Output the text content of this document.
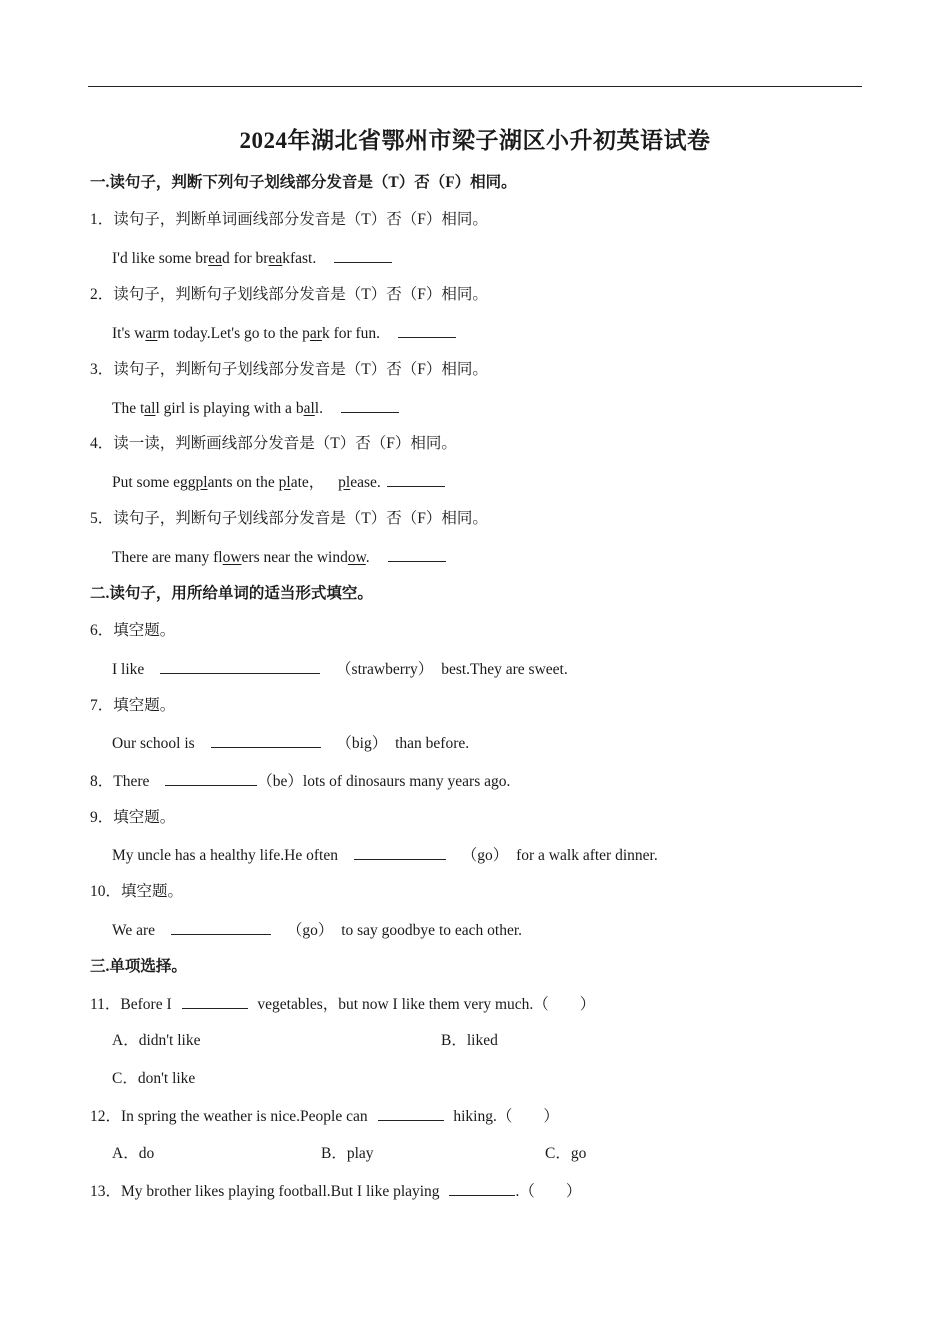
2024年湖北省鄂州市梁子湖区小升初英语试卷
一.读句子，判断下列句子划线部分发音是（T）否（F）相同。
1．读句子，判断单词画线部分发音是（T）否（F）相同。
I'd like some bread for breakfast.
2．读句子，判断句子划线部分发音是（T）否（F）相同。
It's warm today.Let's go to the park for fun.
3．读句子，判断句子划线部分发音是（T）否（F）相同。
The tall girl is playing with a ball.
4．读一读，判断画线部分发音是（T）否（F）相同。
Put some eggplants on the plate， please.
5．读句子，判断句子划线部分发音是（T）否（F）相同。
There are many flowers near the window.
二.读句子，用所给单词的适当形式填空。
6．填空题。
I like	（strawberry） best.They are sweet.
7．填空题。
Our school is	（big） than before.
8．There	（be）lots of dinosaurs many years ago.
9．填空题。
My uncle has a healthy life.He often	（go） for a walk after dinner.
10．填空题。
We are	（go） to say goodbye to each other.
三.单项选择。
11．Before I	vegetables，but now I like them very much.（　　）
A．didn't like	B．liked
C．don't like
12．In spring the weather is nice.People can	hiking.（　　）
A．do	B．play	C．go
13．My brother likes playing football.But I like playing	.（　　）
